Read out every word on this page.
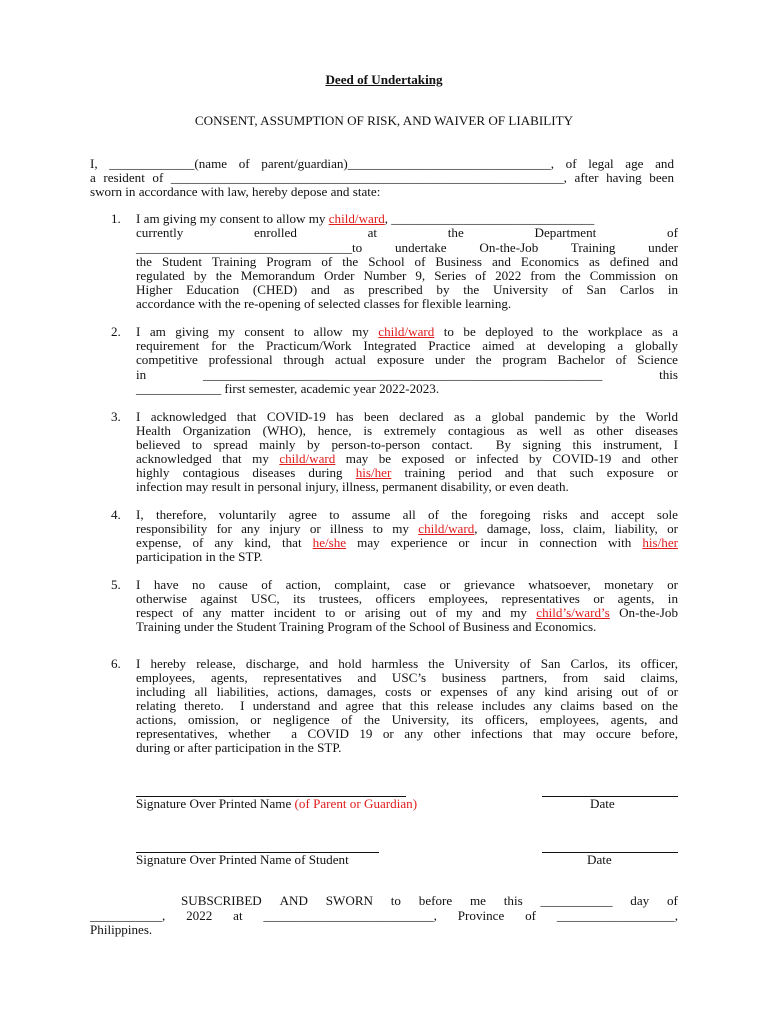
Deed of Undertaking
CONSENT, ASSUMPTION OF RISK, AND WAIVER OF LIABILITY
I, _____________(name of parent/guardian)_______________________________, of legal age and
a resident of ____________________________________________________________, after having been
sworn in accordance with law, hereby depose and state:
1. I am giving my consent to allow my child/ward, _______________________________
currently	enrolled	at	the	Department	of
_________________________________to undertake On-the-Job Training under
the Student Training Program of the School of Business and Economics as defined and
regulated by the Memorandum Order Number 9, Series of 2022 from the Commission on
Higher Education (CHED) and as prescribed by the University of San Carlos in
accordance with the re-opening of selected classes for flexible learning.
2. I am giving my consent to allow my child/ward to be deployed to the workplace as a
requirement for the Practicum/Work Integrated Practice aimed at developing a globally
competitive professional through actual exposure under the program Bachelor of Science
in _____________________________________________________________ this
_____________ first semester, academic year 2022-2023.
3. I acknowledged that COVID-19 has been declared as a global pandemic by the World
Health Organization (WHO), hence, is extremely contagious as well as other diseases
believed to spread mainly by person-to-person contact.  By signing this instrument, I
acknowledged that my child/ward may be exposed or infected by COVID-19 and other
highly contagious diseases during his/her training period and that such exposure or
infection may result in personal injury, illness, permanent disability, or even death.
4. I, therefore, voluntarily agree to assume all of the foregoing risks and accept sole
responsibility for any injury or illness to my child/ward, damage, loss, claim, liability, or
expense, of any kind, that he/she may experience or incur in connection with his/her
participation in the STP.
5. I have no cause of action, complaint, case or grievance whatsoever, monetary or
otherwise against USC, its trustees, officers employees, representatives or agents, in
respect of any matter incident to or arising out of my and my child’s/ward’s On-the-Job
Training under the Student Training Program of the School of Business and Economics.
6. I hereby release, discharge, and hold harmless the University of San Carlos, its officer,
employees, agents, representatives and USC’s business partners, from said claims,
including all liabilities, actions, damages, costs or expenses of any kind arising out of or
relating thereto.  I understand and agree that this release includes any claims based on the
actions, omission, or negligence of the University, its officers, employees, agents, and
representatives, whether  a COVID 19 or any other infections that may occure before,
during or after participation in the STP.
Signature Over Printed Name (of Parent or Guardian)	Date
Signature Over Printed Name of Student	Date
SUBSCRIBED AND SWORN to before me this ___________ day of
___________, 2022 at __________________________, Province of __________________,
Philippines.
